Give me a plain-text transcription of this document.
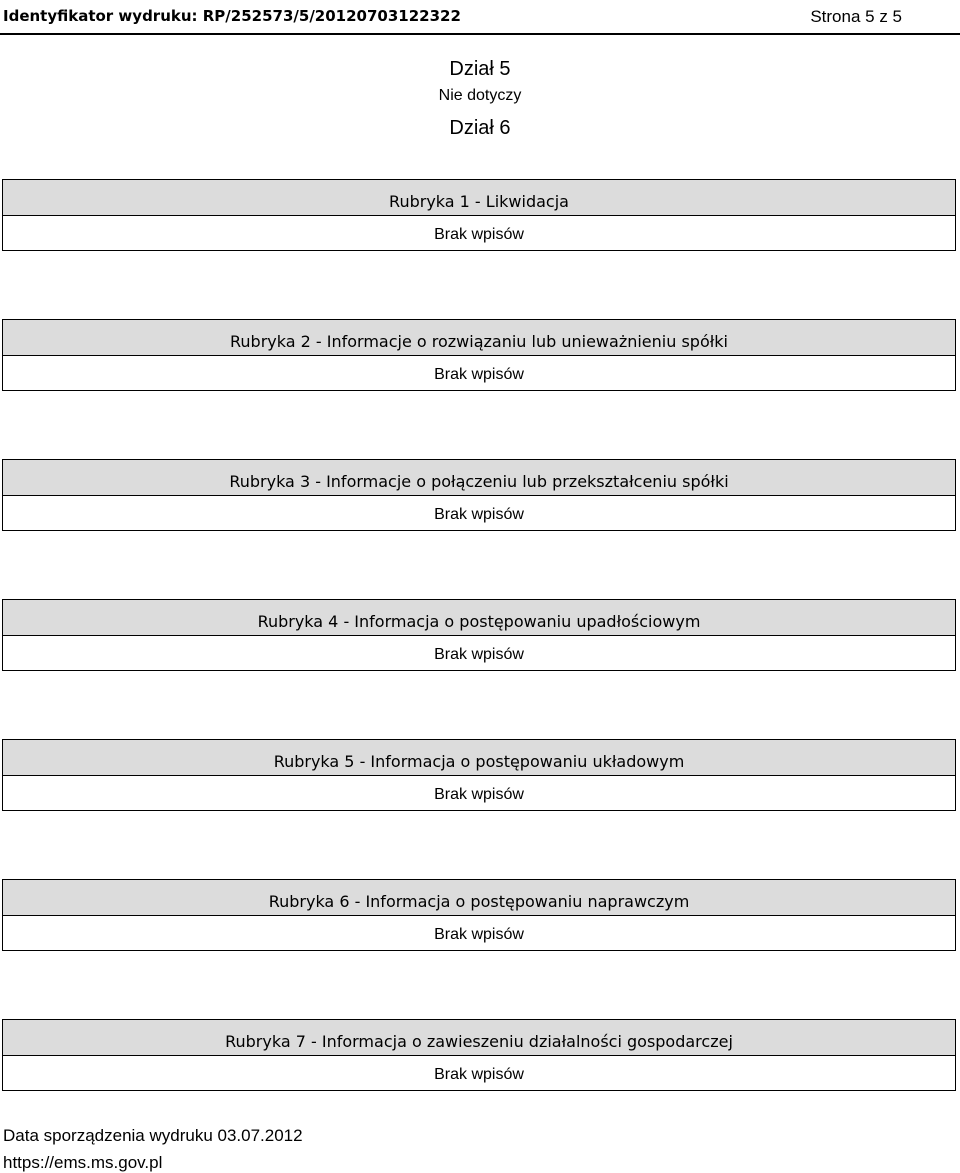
Identyfikator wydruku: RP/252573/5/20120703122322	Strona 5 z 5
Dział 5
Nie dotyczy
Dział 6
Rubryka 1 - Likwidacja
Brak wpisów
Rubryka 2 - Informacje o rozwiązaniu lub unieważnieniu spółki
Brak wpisów
Rubryka 3 - Informacje o połączeniu lub przekształceniu spółki
Brak wpisów
Rubryka 4 - Informacja o postępowaniu upadłościowym
Brak wpisów
Rubryka 5 - Informacja o postępowaniu układowym
Brak wpisów
Rubryka 6 - Informacja o postępowaniu naprawczym
Brak wpisów
Rubryka 7 - Informacja o zawieszeniu działalności gospodarczej
Brak wpisów
Data sporządzenia wydruku 03.07.2012
https://ems.ms.gov.pl
